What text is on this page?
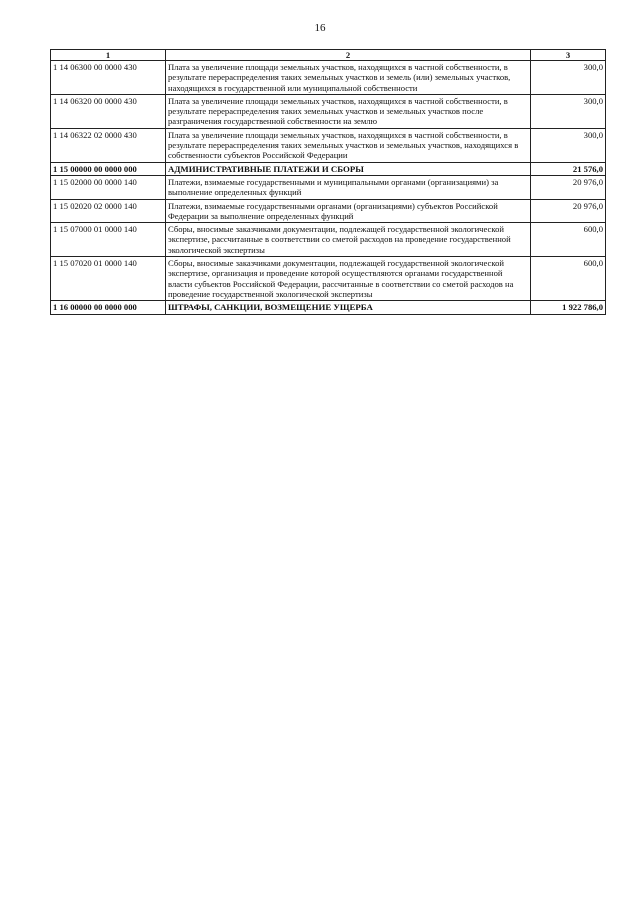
16
1	2	3
1 14 06300 00 0000 430	Плата за увеличение площади земельных участков, находящихся в частной собственности, в результате перераспределения таких земельных участков и земель (или) земельных участков, находящихся в государственной или муниципальной собственности	300,0
1 14 06320 00 0000 430	Плата за увеличение площади земельных участков, находящихся в частной собственности, в результате перераспределения таких земельных участков и земельных участков после разграничения государственной собственности на землю	300,0
1 14 06322 02 0000 430	Плата за увеличение площади земельных участков, находящихся в частной собственности, в результате перераспределения таких земельных участков и земельных участков, находящихся в собственности субъектов Российской Федерации	300,0
1 15 00000 00 0000 000	АДМИНИСТРАТИВНЫЕ ПЛАТЕЖИ И СБОРЫ	21 576,0
1 15 02000 00 0000 140	Платежи, взимаемые государственными и муниципальными органами (организациями) за выполнение определенных функций	20 976,0
1 15 02020 02 0000 140	Платежи, взимаемые государственными органами (организациями) субъектов Российской Федерации за выполнение определенных функций	20 976,0
1 15 07000 01 0000 140	Сборы, вносимые заказчиками документации, подлежащей государственной экологической экспертизе, рассчитанные в соответствии со сметой расходов на проведение государственной экологической экспертизы	600,0
1 15 07020 01 0000 140	Сборы, вносимые заказчиками документации, подлежащей государственной экологической экспертизе, организация и проведение которой осуществляются органами государственной власти субъектов Российской Федерации, рассчитанные в соответствии со сметой расходов на проведение государственной экологической экспертизы	600,0
1 16 00000 00 0000 000	ШТРАФЫ, САНКЦИИ, ВОЗМЕЩЕНИЕ УЩЕРБА	1 922 786,0
